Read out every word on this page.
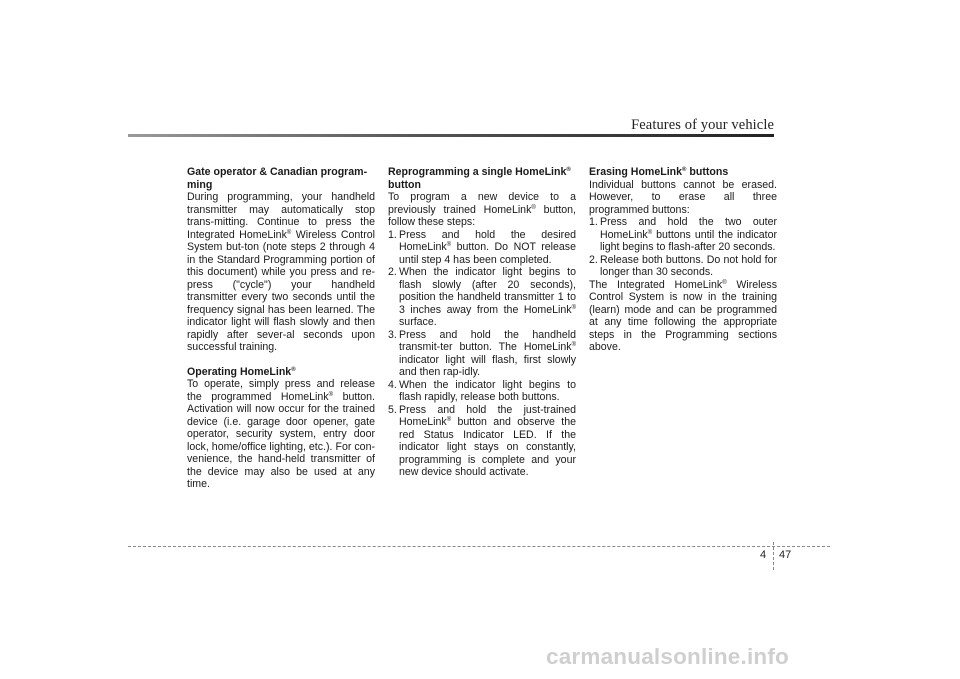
Features of your vehicle

Gate operator & Canadian program-ming

During programming, your handheld transmitter may automatically stop trans-mitting. Continue to press the Integrated HomeLink® Wireless Control System but-ton (note steps 2 through 4 in the Standard Programming portion of this document) while you press and re-press ("cycle") your handheld transmitter every two seconds until the frequency signal has been learned. The indicator light will flash slowly and then rapidly after sever-al seconds upon successful training.

Operating HomeLink®

To operate, simply press and release the programmed HomeLink® button. Activation will now occur for the trained device (i.e. garage door opener, gate operator, security system, entry door lock, home/office lighting, etc.). For con-venience, the hand-held transmitter of the device may also be used at any time.

Reprogramming a single HomeLink®
button

To program a new device to a previously trained HomeLink® button, follow these steps:

1. Press and hold the desired HomeLink® button. Do NOT release until step 4 has been completed.

2. When the indicator light begins to flash slowly (after 20 seconds), position the handheld transmitter 1 to 3 inches away from the HomeLink® surface.

3. Press and hold the handheld transmit-ter button. The HomeLink® indicator light will flash, first slowly and then rap-idly.

4. When the indicator light begins to flash rapidly, release both buttons.

5. Press and hold the just-trained HomeLink® button and observe the red Status Indicator LED. If the indicator light stays on constantly, programming is complete and your new device should activate.

Erasing HomeLink® buttons

Individual buttons cannot be erased. However, to erase all three programmed buttons:

1. Press and hold the two outer HomeLink® buttons until the indicator light begins to flash-after 20 seconds.

2. Release both buttons. Do not hold for longer than 30 seconds.

The Integrated HomeLink® Wireless Control System is now in the training (learn) mode and can be programmed at any time following the appropriate steps in the Programming sections above.

4 47
carmanualsonline.info
